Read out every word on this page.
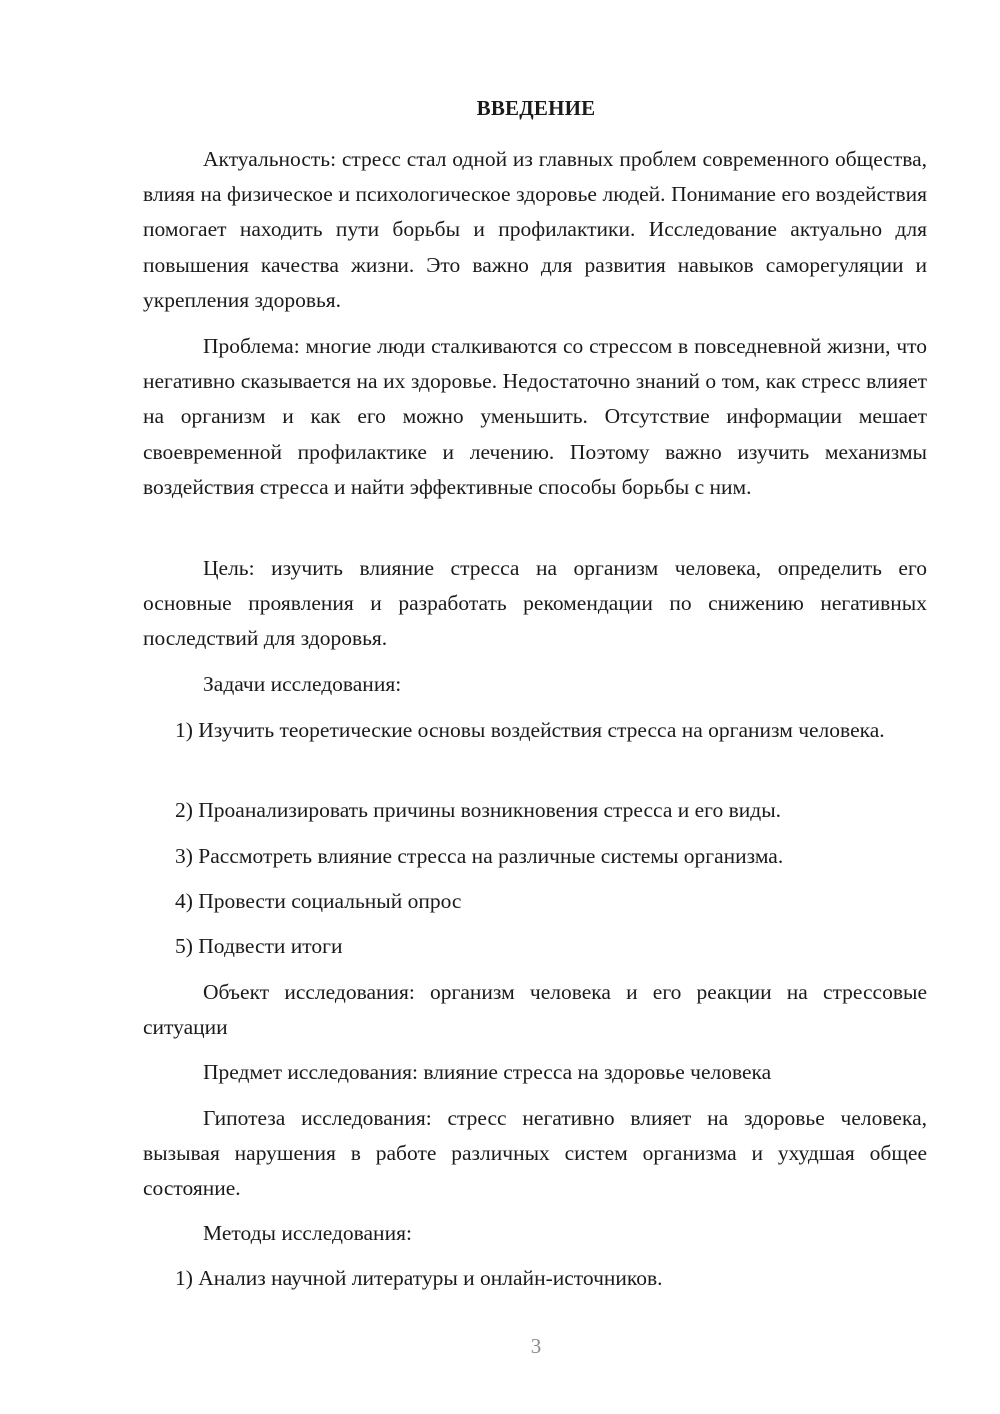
ВВЕДЕНИЕ

Актуальность: стресс стал одной из главных проблем современного общества, влияя на физическое и психологическое здоровье людей. Понимание его воздействия помогает находить пути борьбы и профилактики. Исследование актуально для повышения качества жизни. Это важно для развития навыков саморегуляции и укрепления здоровья.

Проблема: многие люди сталкиваются со стрессом в повседневной жизни, что негативно сказывается на их здоровье. Недостаточно знаний о том, как стресс влияет на организм и как его можно уменьшить. Отсутствие информации мешает своевременной профилактике и лечению. Поэтому важно изучить механизмы воздействия стресса и найти эффективные способы борьбы с ним.

Цель: изучить влияние стресса на организм человека, определить его основные проявления и разработать рекомендации по снижению негативных последствий для здоровья.

Задачи исследования:

1) Изучить теоретические основы воздействия стресса на организм человека.

2) Проанализировать причины возникновения стресса и его виды.

3) Рассмотреть влияние стресса на различные системы организма.

4) Провести социальный опрос

5) Подвести итоги

Объект исследования: организм человека и его реакции на стрессовые ситуации

Предмет исследования: влияние стресса на здоровье человека

Гипотеза исследования: стресс негативно влияет на здоровье человека, вызывая нарушения в работе различных систем организма и ухудшая общее состояние.

Методы исследования:

1) Анализ научной литературы и онлайн-источников.

3
